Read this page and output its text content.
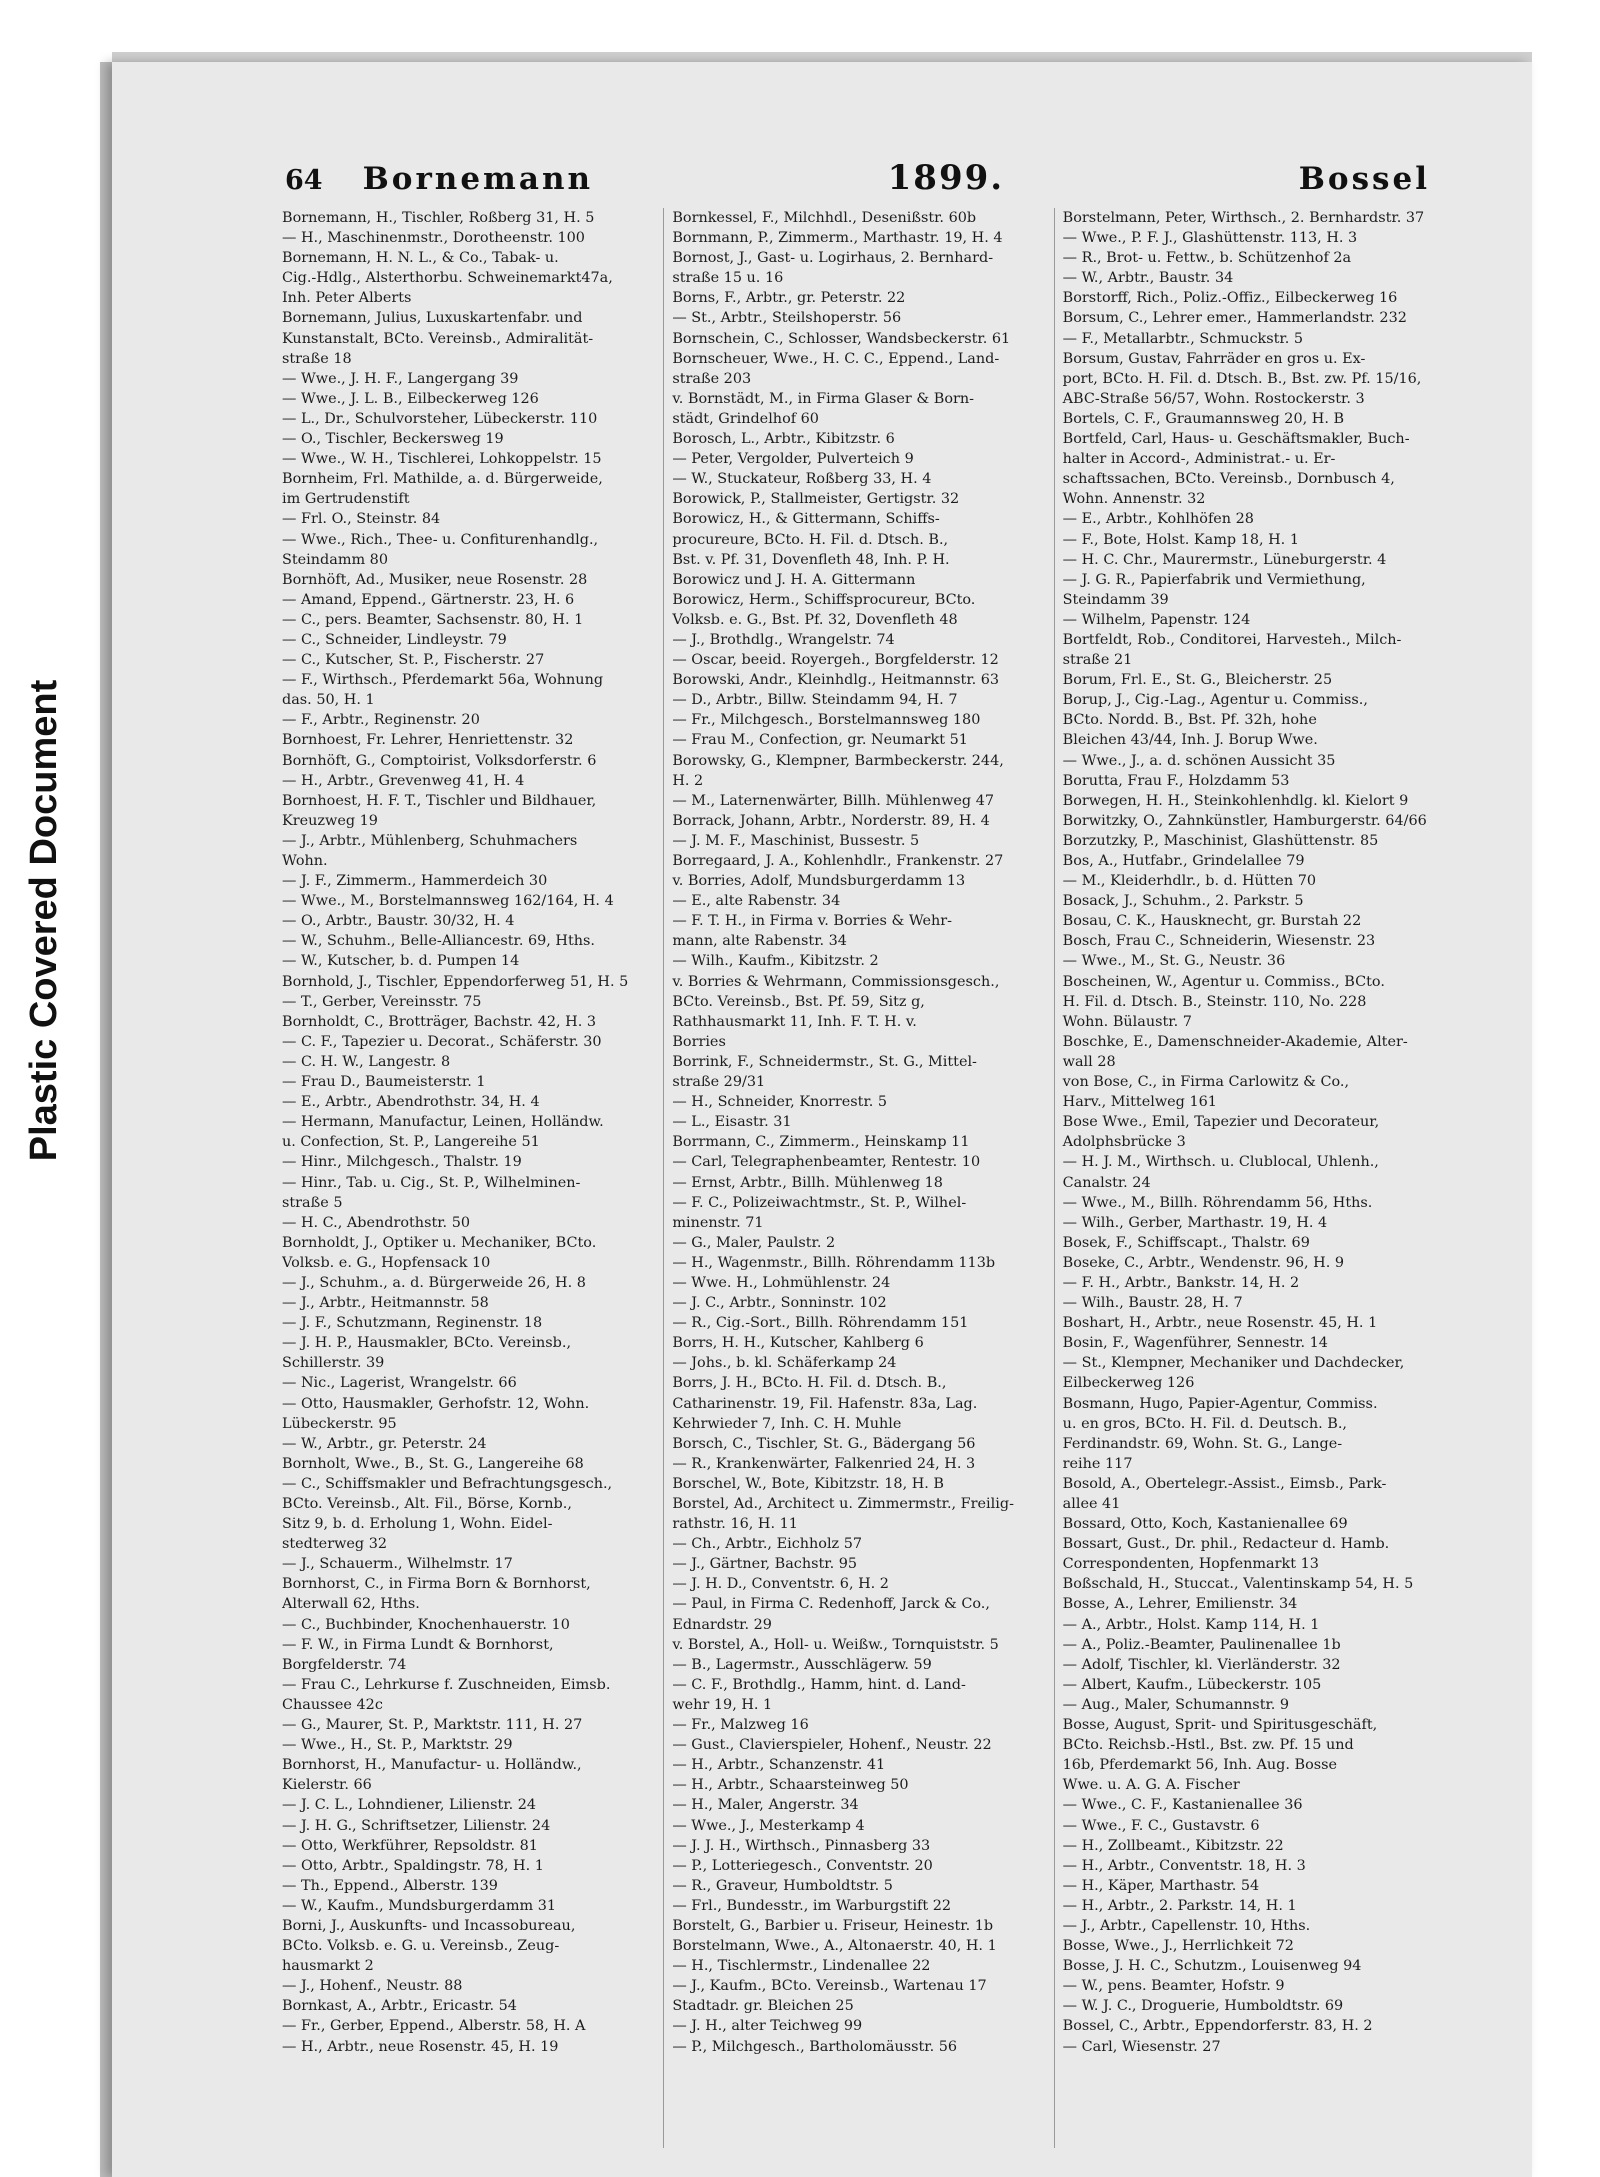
Plastic Covered Document
64 Bornemann	1899.	Bossel
Bornemann, H., Tischler, Roßberg 31, H. 5
— H., Maschinenmstr., Dorotheenstr. 100
Bornemann, H. N. L., & Co., Tabak- u.
Cig.-Hdlg., Alsterthorbu. Schweinemarkt47a,
Inh. Peter Alberts
Bornemann, Julius, Luxuskartenfabr. und
Kunstanstalt, BCto. Vereinsb., Admiralität-
straße 18
— Wwe., J. H. F., Langergang 39
— Wwe., J. L. B., Eilbeckerweg 126
— L., Dr., Schulvorsteher, Lübeckerstr. 110
— O., Tischler, Beckersweg 19
— Wwe., W. H., Tischlerei, Lohkoppelstr. 15
Bornheim, Frl. Mathilde, a. d. Bürgerweide,
im Gertrudenstift
— Frl. O., Steinstr. 84
— Wwe., Rich., Thee- u. Confiturenhandlg.,
Steindamm 80
Bornhöft, Ad., Musiker, neue Rosenstr. 28
— Amand, Eppend., Gärtnerstr. 23, H. 6
— C., pers. Beamter, Sachsenstr. 80, H. 1
— C., Schneider, Lindleystr. 79
— C., Kutscher, St. P., Fischerstr. 27
— F., Wirthsch., Pferdemarkt 56a, Wohnung
das. 50, H. 1
— F., Arbtr., Reginenstr. 20
Bornhoest, Fr. Lehrer, Henriettenstr. 32
Bornhöft, G., Comptoirist, Volksdorferstr. 6
— H., Arbtr., Grevenweg 41, H. 4
Bornhoest, H. F. T., Tischler und Bildhauer,
Kreuzweg 19
— J., Arbtr., Mühlenberg, Schuhmachers
Wohn.
— J. F., Zimmerm., Hammerdeich 30
— Wwe., M., Borstelmannsweg 162/164, H. 4
— O., Arbtr., Baustr. 30/32, H. 4
— W., Schuhm., Belle-Alliancestr. 69, Hths.
— W., Kutscher, b. d. Pumpen 14
Bornhold, J., Tischler, Eppendorferweg 51, H. 5
— T., Gerber, Vereinsstr. 75
Bornholdt, C., Brotträger, Bachstr. 42, H. 3
— C. F., Tapezier u. Decorat., Schäferstr. 30
— C. H. W., Langestr. 8
— Frau D., Baumeisterstr. 1
— E., Arbtr., Abendrothstr. 34, H. 4
— Hermann, Manufactur, Leinen, Holländw.
u. Confection, St. P., Langereihe 51
— Hinr., Milchgesch., Thalstr. 19
— Hinr., Tab. u. Cig., St. P., Wilhelminen-
straße 5
— H. C., Abendrothstr. 50
Bornholdt, J., Optiker u. Mechaniker, BCto.
Volksb. e. G., Hopfensack 10
— J., Schuhm., a. d. Bürgerweide 26, H. 8
— J., Arbtr., Heitmannstr. 58
— J. F., Schutzmann, Reginenstr. 18
— J. H. P., Hausmakler, BCto. Vereinsb.,
Schillerstr. 39
— Nic., Lagerist, Wrangelstr. 66
— Otto, Hausmakler, Gerhofstr. 12, Wohn.
Lübeckerstr. 95
— W., Arbtr., gr. Peterstr. 24
Bornholt, Wwe., B., St. G., Langereihe 68
— C., Schiffsmakler und Befrachtungsgesch.,
BCto. Vereinsb., Alt. Fil., Börse, Kornb.,
Sitz 9, b. d. Erholung 1, Wohn. Eidel-
stedterweg 32
— J., Schauerm., Wilhelmstr. 17
Bornhorst, C., in Firma Born & Bornhorst,
Alterwall 62, Hths.
— C., Buchbinder, Knochenhauerstr. 10
— F. W., in Firma Lundt & Bornhorst,
Borgfelderstr. 74
— Frau C., Lehrkurse f. Zuschneiden, Eimsb.
Chaussee 42c
— G., Maurer, St. P., Marktstr. 111, H. 27
— Wwe., H., St. P., Marktstr. 29
Bornhorst, H., Manufactur- u. Holländw.,
Kielerstr. 66
— J. C. L., Lohndiener, Lilienstr. 24
— J. H. G., Schriftsetzer, Lilienstr. 24
— Otto, Werkführer, Repsoldstr. 81
— Otto, Arbtr., Spaldingstr. 78, H. 1
— Th., Eppend., Alberstr. 139
— W., Kaufm., Mundsburgerdamm 31
Borni, J., Auskunfts- und Incassobureau,
BCto. Volksb. e. G. u. Vereinsb., Zeug-
hausmarkt 2
— J., Hohenf., Neustr. 88
Bornkast, A., Arbtr., Ericastr. 54
— Fr., Gerber, Eppend., Alberstr. 58, H. A
— H., Arbtr., neue Rosenstr. 45, H. 19
Bornkessel, F., Milchhdl., Desenißstr. 60b
Bornmann, P., Zimmerm., Marthastr. 19, H. 4
Bornost, J., Gast- u. Logirhaus, 2. Bernhard-
straße 15 u. 16
Borns, F., Arbtr., gr. Peterstr. 22
— St., Arbtr., Steilshoperstr. 56
Bornschein, C., Schlosser, Wandsbeckerstr. 61
Bornscheuer, Wwe., H. C. C., Eppend., Land-
straße 203
v. Bornstädt, M., in Firma Glaser & Born-
städt, Grindelhof 60
Borosch, L., Arbtr., Kibitzstr. 6
— Peter, Vergolder, Pulverteich 9
— W., Stuckateur, Roßberg 33, H. 4
Borowick, P., Stallmeister, Gertigstr. 32
Borowicz, H., & Gittermann, Schiffs-
procureure, BCto. H. Fil. d. Dtsch. B.,
Bst. v. Pf. 31, Dovenfleth 48, Inh. P. H.
Borowicz und J. H. A. Gittermann
Borowicz, Herm., Schiffsprocureur, BCto.
Volksb. e. G., Bst. Pf. 32, Dovenfleth 48
— J., Brothdlg., Wrangelstr. 74
— Oscar, beeid. Royergeh., Borgfelderstr. 12
Borowski, Andr., Kleinhdlg., Heitmannstr. 63
— D., Arbtr., Billw. Steindamm 94, H. 7
— Fr., Milchgesch., Borstelmannsweg 180
— Frau M., Confection, gr. Neumarkt 51
Borowsky, G., Klempner, Barmbeckerstr. 244,
H. 2
— M., Laternenwärter, Billh. Mühlenweg 47
Borrack, Johann, Arbtr., Norderstr. 89, H. 4
— J. M. F., Maschinist, Bussestr. 5
Borregaard, J. A., Kohlenhdlr., Frankenstr. 27
v. Borries, Adolf, Mundsburgerdamm 13
— E., alte Rabenstr. 34
— F. T. H., in Firma v. Borries & Wehr-
mann, alte Rabenstr. 34
— Wilh., Kaufm., Kibitzstr. 2
v. Borries & Wehrmann, Commissionsgesch.,
BCto. Vereinsb., Bst. Pf. 59, Sitz g,
Rathhausmarkt 11, Inh. F. T. H. v.
Borries
Borrink, F., Schneidermstr., St. G., Mittel-
straße 29/31
— H., Schneider, Knorrestr. 5
— L., Eisastr. 31
Borrmann, C., Zimmerm., Heinskamp 11
— Carl, Telegraphenbeamter, Rentestr. 10
— Ernst, Arbtr., Billh. Mühlenweg 18
— F. C., Polizeiwachtmstr., St. P., Wilhel-
minenstr. 71
— G., Maler, Paulstr. 2
— H., Wagenmstr., Billh. Röhrendamm 113b
— Wwe. H., Lohmühlenstr. 24
— J. C., Arbtr., Sonninstr. 102
— R., Cig.-Sort., Billh. Röhrendamm 151
Borrs, H. H., Kutscher, Kahlberg 6
— Johs., b. kl. Schäferkamp 24
Borrs, J. H., BCto. H. Fil. d. Dtsch. B.,
Catharinenstr. 19, Fil. Hafenstr. 83a, Lag.
Kehrwieder 7, Inh. C. H. Muhle
Borsch, C., Tischler, St. G., Bädergang 56
— R., Krankenwärter, Falkenried 24, H. 3
Borschel, W., Bote, Kibitzstr. 18, H. B
Borstel, Ad., Architect u. Zimmermstr., Freilig-
rathstr. 16, H. 11
— Ch., Arbtr., Eichholz 57
— J., Gärtner, Bachstr. 95
— J. H. D., Conventstr. 6, H. 2
— Paul, in Firma C. Redenhoff, Jarck & Co.,
Ednardstr. 29
v. Borstel, A., Holl- u. Weißw., Tornquiststr. 5
— B., Lagermstr., Ausschlägerw. 59
— C. F., Brothdlg., Hamm, hint. d. Land-
wehr 19, H. 1
— Fr., Malzweg 16
— Gust., Clavierspieler, Hohenf., Neustr. 22
— H., Arbtr., Schanzenstr. 41
— H., Arbtr., Schaarsteinweg 50
— H., Maler, Angerstr. 34
— Wwe., J., Mesterkamp 4
— J. J. H., Wirthsch., Pinnasberg 33
— P., Lotteriegesch., Conventstr. 20
— R., Graveur, Humboldtstr. 5
— Frl., Bundesstr., im Warburgstift 22
Borstelt, G., Barbier u. Friseur, Heinestr. 1b
Borstelmann, Wwe., A., Altonaerstr. 40, H. 1
— H., Tischlermstr., Lindenallee 22
— J., Kaufm., BCto. Vereinsb., Wartenau 17
Stadtadr. gr. Bleichen 25
— J. H., alter Teichweg 99
— P., Milchgesch., Bartholomäusstr. 56
Borstelmann, Peter, Wirthsch., 2. Bernhardstr. 37
— Wwe., P. F. J., Glashüttenstr. 113, H. 3
— R., Brot- u. Fettw., b. Schützenhof 2a
— W., Arbtr., Baustr. 34
Borstorff, Rich., Poliz.-Offiz., Eilbeckerweg 16
Borsum, C., Lehrer emer., Hammerlandstr. 232
— F., Metallarbtr., Schmuckstr. 5
Borsum, Gustav, Fahrräder en gros u. Ex-
port, BCto. H. Fil. d. Dtsch. B., Bst. zw. Pf. 15/16,
ABC-Straße 56/57, Wohn. Rostockerstr. 3
Bortels, C. F., Graumannsweg 20, H. B
Bortfeld, Carl, Haus- u. Geschäftsmakler, Buch-
halter in Accord-, Administrat.- u. Er-
schaftssachen, BCto. Vereinsb., Dornbusch 4,
Wohn. Annenstr. 32
— E., Arbtr., Kohlhöfen 28
— F., Bote, Holst. Kamp 18, H. 1
— H. C. Chr., Maurermstr., Lüneburgerstr. 4
— J. G. R., Papierfabrik und Vermiethung,
Steindamm 39
— Wilhelm, Papenstr. 124
Bortfeldt, Rob., Conditorei, Harvesteh., Milch-
straße 21
Borum, Frl. E., St. G., Bleicherstr. 25
Borup, J., Cig.-Lag., Agentur u. Commiss.,
BCto. Nordd. B., Bst. Pf. 32h, hohe
Bleichen 43/44, Inh. J. Borup Wwe.
— Wwe., J., a. d. schönen Aussicht 35
Borutta, Frau F., Holzdamm 53
Borwegen, H. H., Steinkohlenhdlg. kl. Kielort 9
Borwitzky, O., Zahnkünstler, Hamburgerstr. 64/66
Borzutzky, P., Maschinist, Glashüttenstr. 85
Bos, A., Hutfabr., Grindelallee 79
— M., Kleiderhdlr., b. d. Hütten 70
Bosack, J., Schuhm., 2. Parkstr. 5
Bosau, C. K., Hausknecht, gr. Burstah 22
Bosch, Frau C., Schneiderin, Wiesenstr. 23
— Wwe., M., St. G., Neustr. 36
Boscheinen, W., Agentur u. Commiss., BCto.
H. Fil. d. Dtsch. B., Steinstr. 110, No. 228
Wohn. Bülaustr. 7
Boschke, E., Damenschneider-Akademie, Alter-
wall 28
von Bose, C., in Firma Carlowitz & Co.,
Harv., Mittelweg 161
Bose Wwe., Emil, Tapezier und Decorateur,
Adolphsbrücke 3
— H. J. M., Wirthsch. u. Clublocal, Uhlenh.,
Canalstr. 24
— Wwe., M., Billh. Röhrendamm 56, Hths.
— Wilh., Gerber, Marthastr. 19, H. 4
Bosek, F., Schiffscapt., Thalstr. 69
Boseke, C., Arbtr., Wendenstr. 96, H. 9
— F. H., Arbtr., Bankstr. 14, H. 2
— Wilh., Baustr. 28, H. 7
Boshart, H., Arbtr., neue Rosenstr. 45, H. 1
Bosin, F., Wagenführer, Sennestr. 14
— St., Klempner, Mechaniker und Dachdecker,
Eilbeckerweg 126
Bosmann, Hugo, Papier-Agentur, Commiss.
u. en gros, BCto. H. Fil. d. Deutsch. B.,
Ferdinandstr. 69, Wohn. St. G., Lange-
reihe 117
Bosold, A., Obertelegr.-Assist., Eimsb., Park-
allee 41
Bossard, Otto, Koch, Kastanienallee 69
Bossart, Gust., Dr. phil., Redacteur d. Hamb.
Correspondenten, Hopfenmarkt 13
Boßschald, H., Stuccat., Valentinskamp 54, H. 5
Bosse, A., Lehrer, Emilienstr. 34
— A., Arbtr., Holst. Kamp 114, H. 1
— A., Poliz.-Beamter, Paulinenallee 1b
— Adolf, Tischler, kl. Vierländerstr. 32
— Albert, Kaufm., Lübeckerstr. 105
— Aug., Maler, Schumannstr. 9
Bosse, August, Sprit- und Spiritusgeschäft,
BCto. Reichsb.-Hstl., Bst. zw. Pf. 15 und
16b, Pferdemarkt 56, Inh. Aug. Bosse
Wwe. u. A. G. A. Fischer
— Wwe., C. F., Kastanienallee 36
— Wwe., F. C., Gustavstr. 6
— H., Zollbeamt., Kibitzstr. 22
— H., Arbtr., Conventstr. 18, H. 3
— H., Käper, Marthastr. 54
— H., Arbtr., 2. Parkstr. 14, H. 1
— J., Arbtr., Capellenstr. 10, Hths.
Bosse, Wwe., J., Herrlichkeit 72
Bosse, J. H. C., Schutzm., Louisenweg 94
— W., pens. Beamter, Hofstr. 9
— W. J. C., Droguerie, Humboldtstr. 69
Bossel, C., Arbtr., Eppendorferstr. 83, H. 2
— Carl, Wiesenstr. 27
